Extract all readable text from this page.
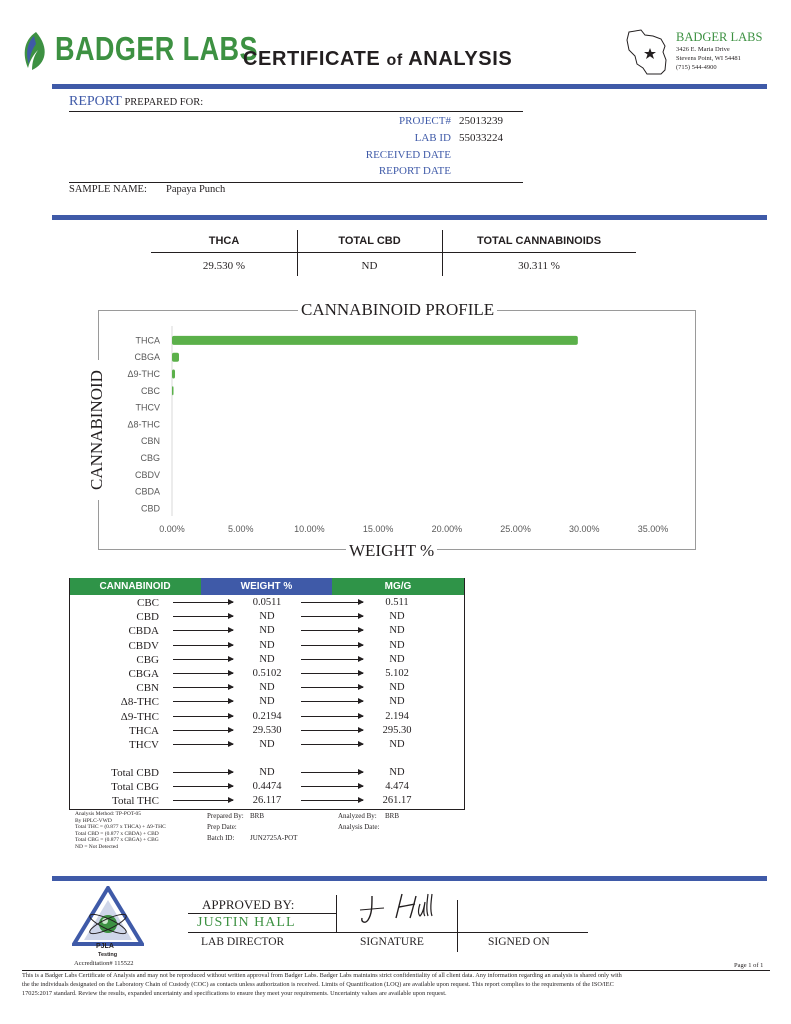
BADGER LABS
CERTIFICATE of ANALYSIS
BADGER LABS
3426 E. Maria Drive
Stevens Point, WI 54481
(715) 544-4900
REPORT PREPARED FOR:
PROJECT# 25013239
LAB ID 55033224
RECEIVED DATE
REPORT DATE
SAMPLE NAME: Papaya Punch
THCA	TOTAL CBD	TOTAL CANNABINOIDS
29.530 %	ND	30.311 %
THCA
CBGA
Δ9-THC
CBC
THCV
Δ8-THC
CBN
CBG
CBDV
CBDA
CBD
0.00%	5.00%	10.00%	15.00%	20.00%	25.00%	30.00%	35.00%
CANNABINOID PROFILE
CANNABINOID
WEIGHT %
CANNABINOID	WEIGHT %	MG/G
CBC	0.0511	0.511
CBD	ND	ND
CBDA	ND	ND
CBDV	ND	ND
CBG	ND	ND
CBGA	0.5102	5.102
CBN	ND	ND
Δ8-THC	ND	ND
Δ9-THC	0.2194	2.194
THCA	29.530	295.30
THCV	ND	ND
Total CBD	ND	ND
Total CBG	0.4474	4.474
Total THC	26.117	261.17
Analysis Method: TP-POT-05
By HPLC-VWD
Total THC = (0.877 x THCA) + Δ9-THC
Total CBD = (0.877 x CBDA) + CBD
Total CBG = (0.877 x CBGA) + CBG
ND = Not Detected
Prepared By: BRB
Prep Date:
Batch ID: JUN2725A-POT
Analyzed By: BRB
Analysis Date:
PJLA
Testing
Accreditation# 115522
APPROVED BY:
JUSTIN HALL
LAB DIRECTOR	SIGNATURE	SIGNED ON
Page 1 of 1
This is a Badger Labs Certificate of Analysis and may not be reproduced without written approval from Badger Labs. Badger Labs maintains strict confidentiality of all client data. Any information regarding an analysis is shared only with
the the individuals designated on the Laboratory Chain of Custody (COC) as contacts unless authorization is received. Limits of Quantification (LOQ) are available upon request. This report complies to the requirements of the ISO/IEC
17025:2017 standard. Review the results, expanded uncertainty and specifications to ensure they meet your requirements. Uncertainty values are available upon request.
